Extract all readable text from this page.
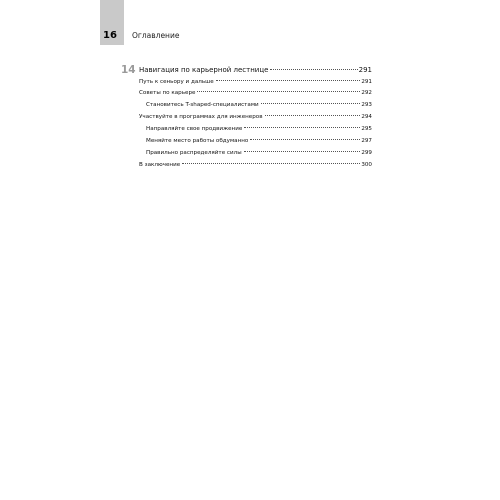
16 Оглавление
14 Навигация по карьерной лестнице	291
Путь к сеньору и дальше	291
Советы по карьере	292
Становитесь T-shaped-специалистами	293
Участвуйте в программах для инженеров	294
Направляйте свое продвижение	295
Меняйте место работы обдуманно	297
Правильно распределяйте силы	299
В заключение	300
